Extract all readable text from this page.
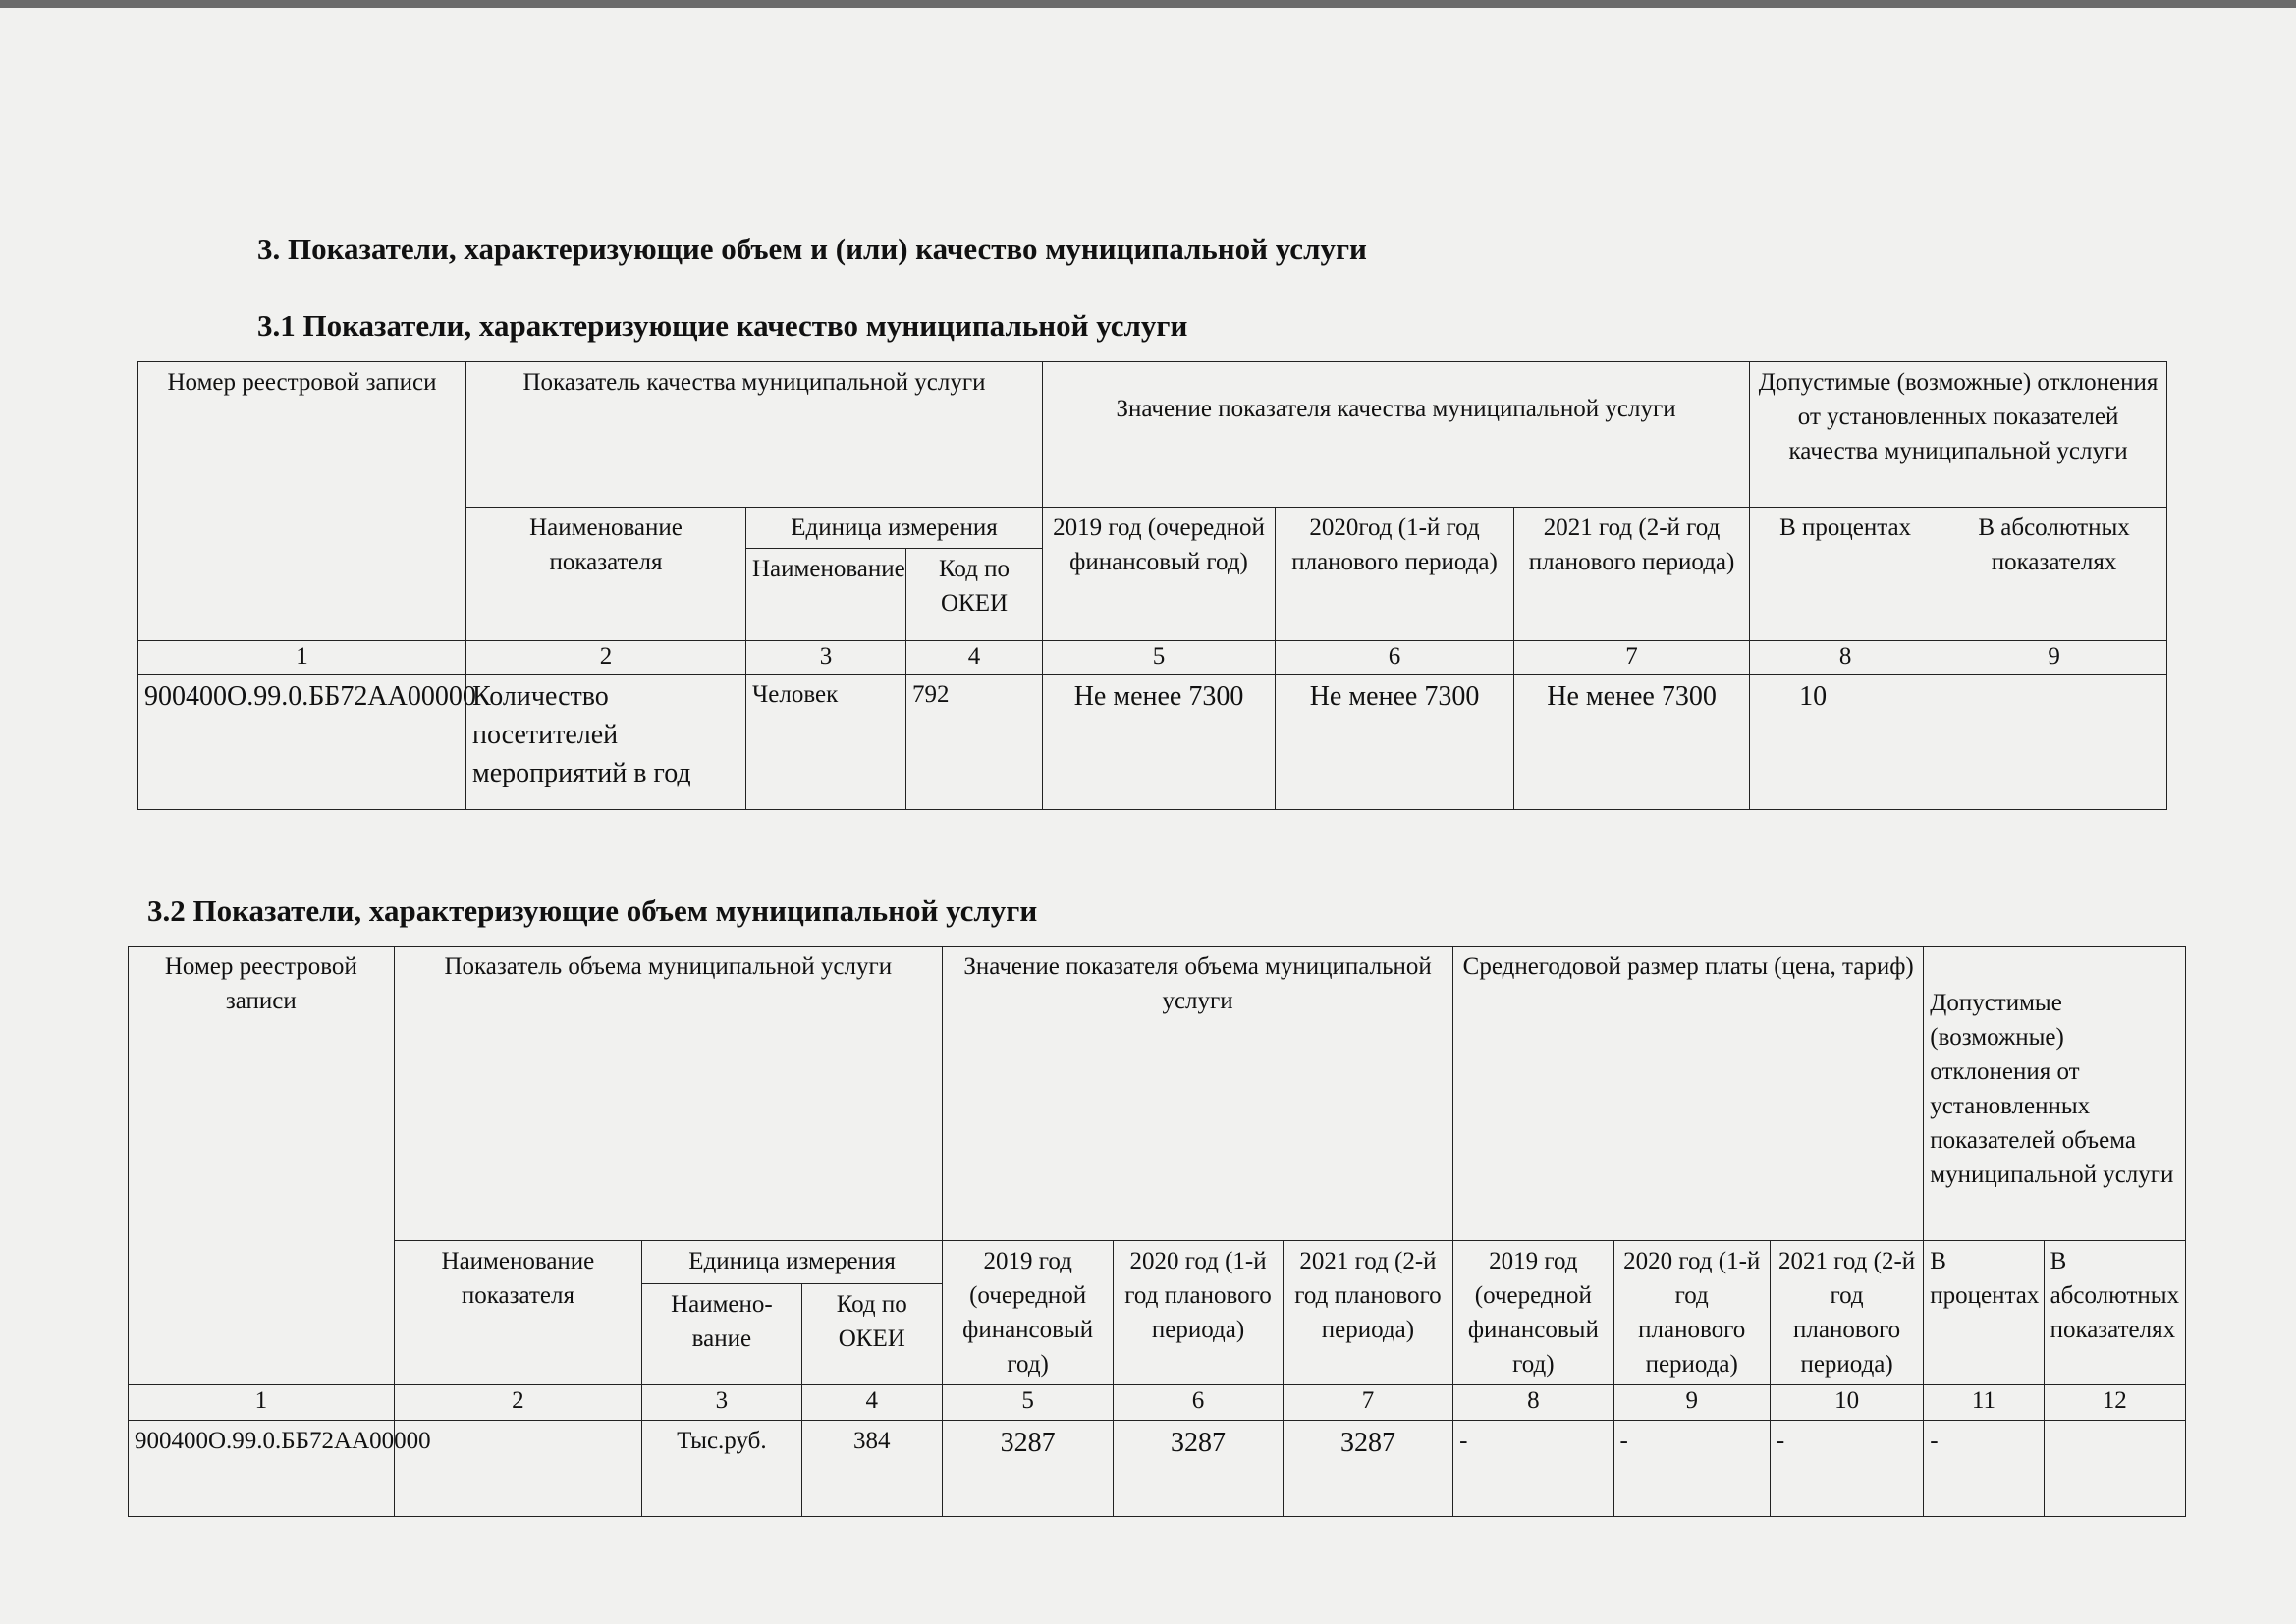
3. Показатели, характеризующие объем и (или) качество муниципальной услуги
3.1 Показатели, характеризующие качество муниципальной услуги
Номер реестровой записи	Показатель качества муниципальной услуги			Значение показателя качества муниципальной услуги			Допустимые (возможные) отклонения от установленных показателей качества муниципальной услуги	
	Наименование показателя	Единица измерения		2019 год (очередной финансовый год)	2020год (1-й год планового периода)	2021 год (2-й год планового периода)	В процентах	В абсолютных показателях
		Наименование	Код по ОКЕИ					
1	2	3	4	5	6	7	8	9
900400О.99.0.ББ72АА00000	Количество посетителей мероприятий в год	Человек	792	Не менее 7300	Не менее 7300	Не менее 7300	10	
3.2 Показатели, характеризующие объем муниципальной услуги
Номер реестровой записи	Показатель объема муниципальной услуги			Значение показателя объема муниципальной услуги			Среднегодовой размер платы (цена, тариф)			Допустимые (возможные) отклонения от установленных показателей объема муниципальной услуги	
	Наименование показателя	Единица измерения		2019 год (очередной финансовый год)	2020 год (1-й год планового периода)	2021 год (2-й год планового периода)	2019 год (очередной финансовый год)	2020 год (1-й год планового периода)	2021 год (2-й год планового периода)	В процентах	В абсолютных показателях
		Наимено-вание	Код по ОКЕИ								
1	2	3	4	5	6	7	8	9	10	11	12
900400О.99.0.ББ72АА00000		Тыс.руб.	384	3287	3287	3287	-	-	-	-	
